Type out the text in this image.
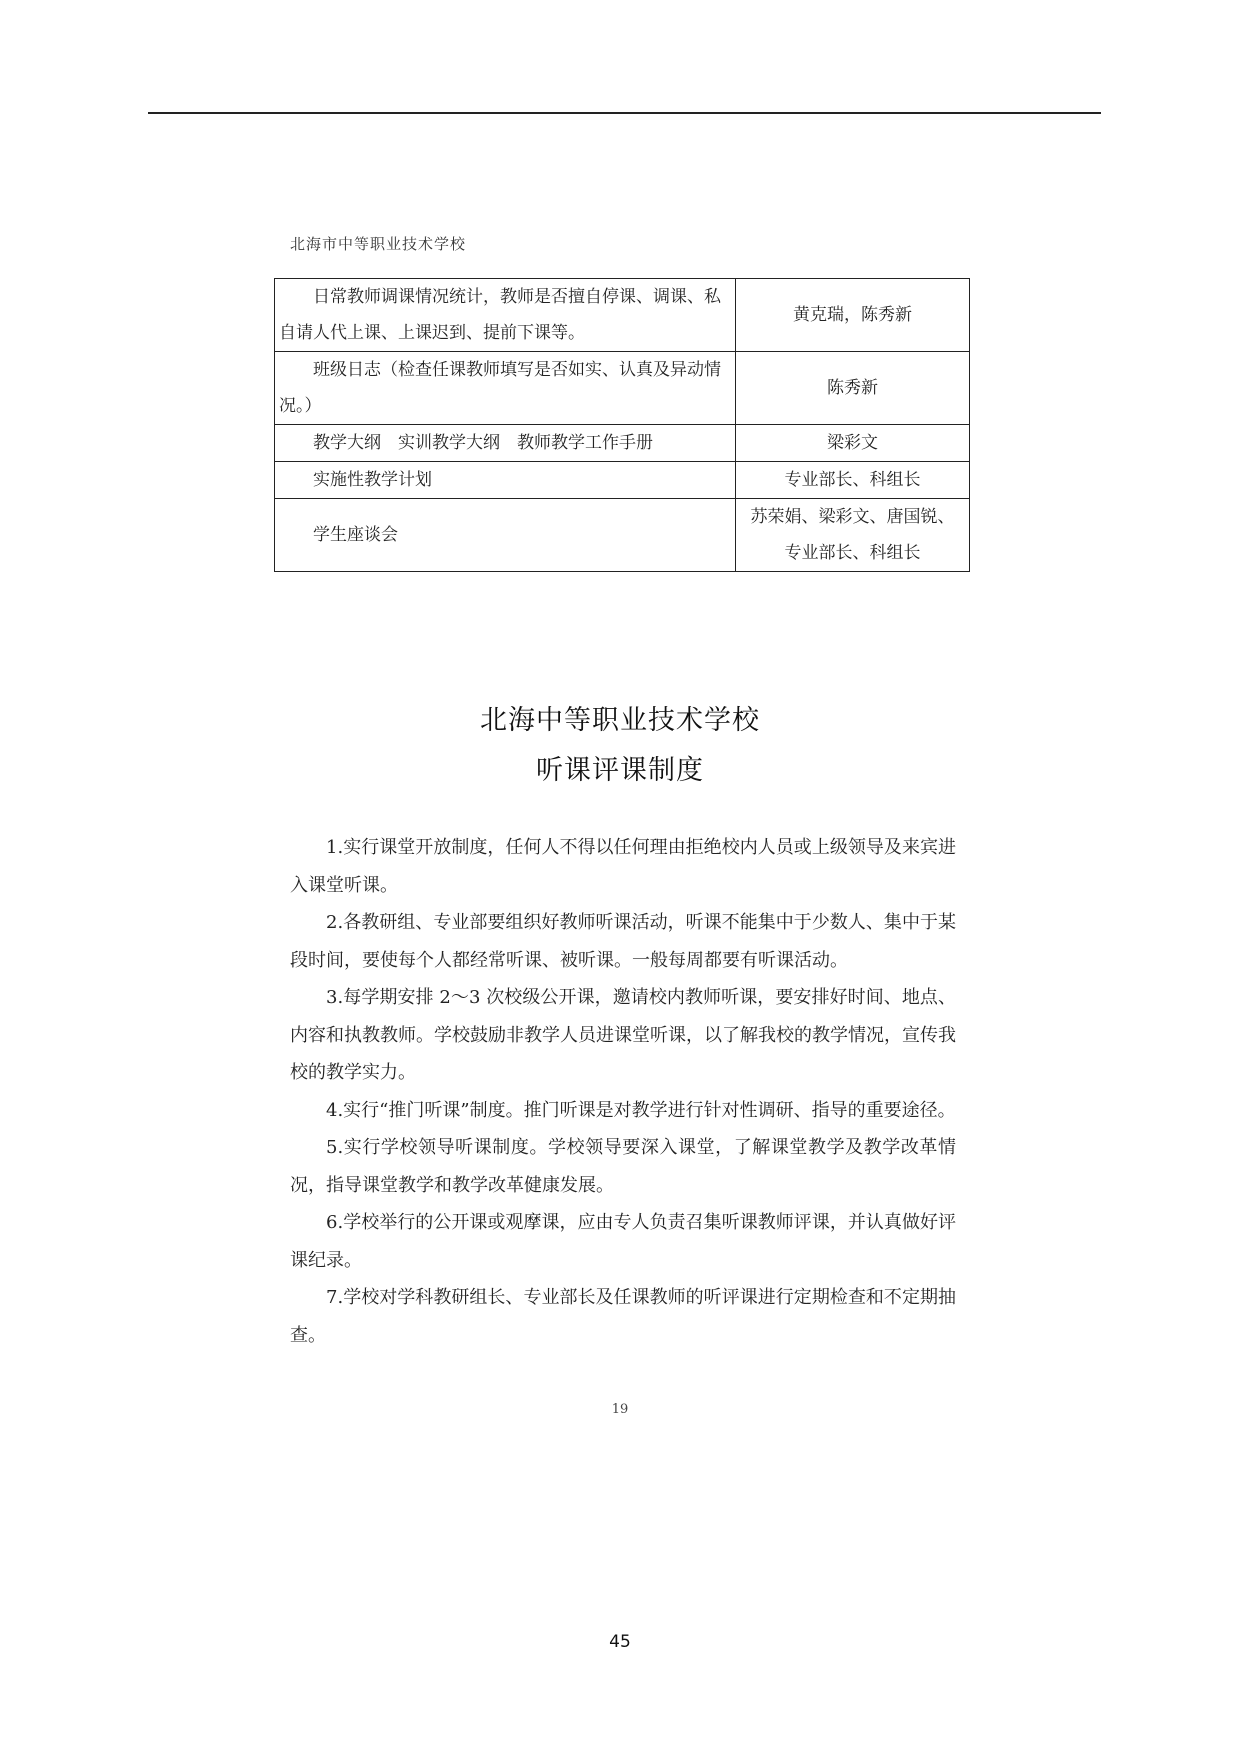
北海市中等职业技术学校
日常教师调课情况统计，教师是否擅自停课、调课、私自请人代上课、上课迟到、提前下课等。	黄克瑞，陈秀新
班级日志（检查任课教师填写是否如实、认真及异动情况。）	陈秀新
教学大纲　实训教学大纲　教师教学工作手册	梁彩文
实施性教学计划	专业部长、科组长
学生座谈会	苏荣娟、梁彩文、唐国锐、
专业部长、科组长
北海中等职业技术学校
听课评课制度

1.实行课堂开放制度，任何人不得以任何理由拒绝校内人员或上级领导及来宾进入课堂听课。

2.各教研组、专业部要组织好教师听课活动，听课不能集中于少数人、集中于某段时间，要使每个人都经常听课、被听课。一般每周都要有听课活动。

3.每学期安排 2～3 次校级公开课，邀请校内教师听课，要安排好时间、地点、内容和执教教师。学校鼓励非教学人员进课堂听课，以了解我校的教学情况，宣传我校的教学实力。

4.实行“推门听课”制度。推门听课是对教学进行针对性调研、指导的重要途径。

5.实行学校领导听课制度。学校领导要深入课堂，了解课堂教学及教学改革情况，指导课堂教学和教学改革健康发展。

6.学校举行的公开课或观摩课，应由专人负责召集听课教师评课，并认真做好评课纪录。

7.学校对学科教研组长、专业部长及任课教师的听评课进行定期检查和不定期抽查。

19
45
